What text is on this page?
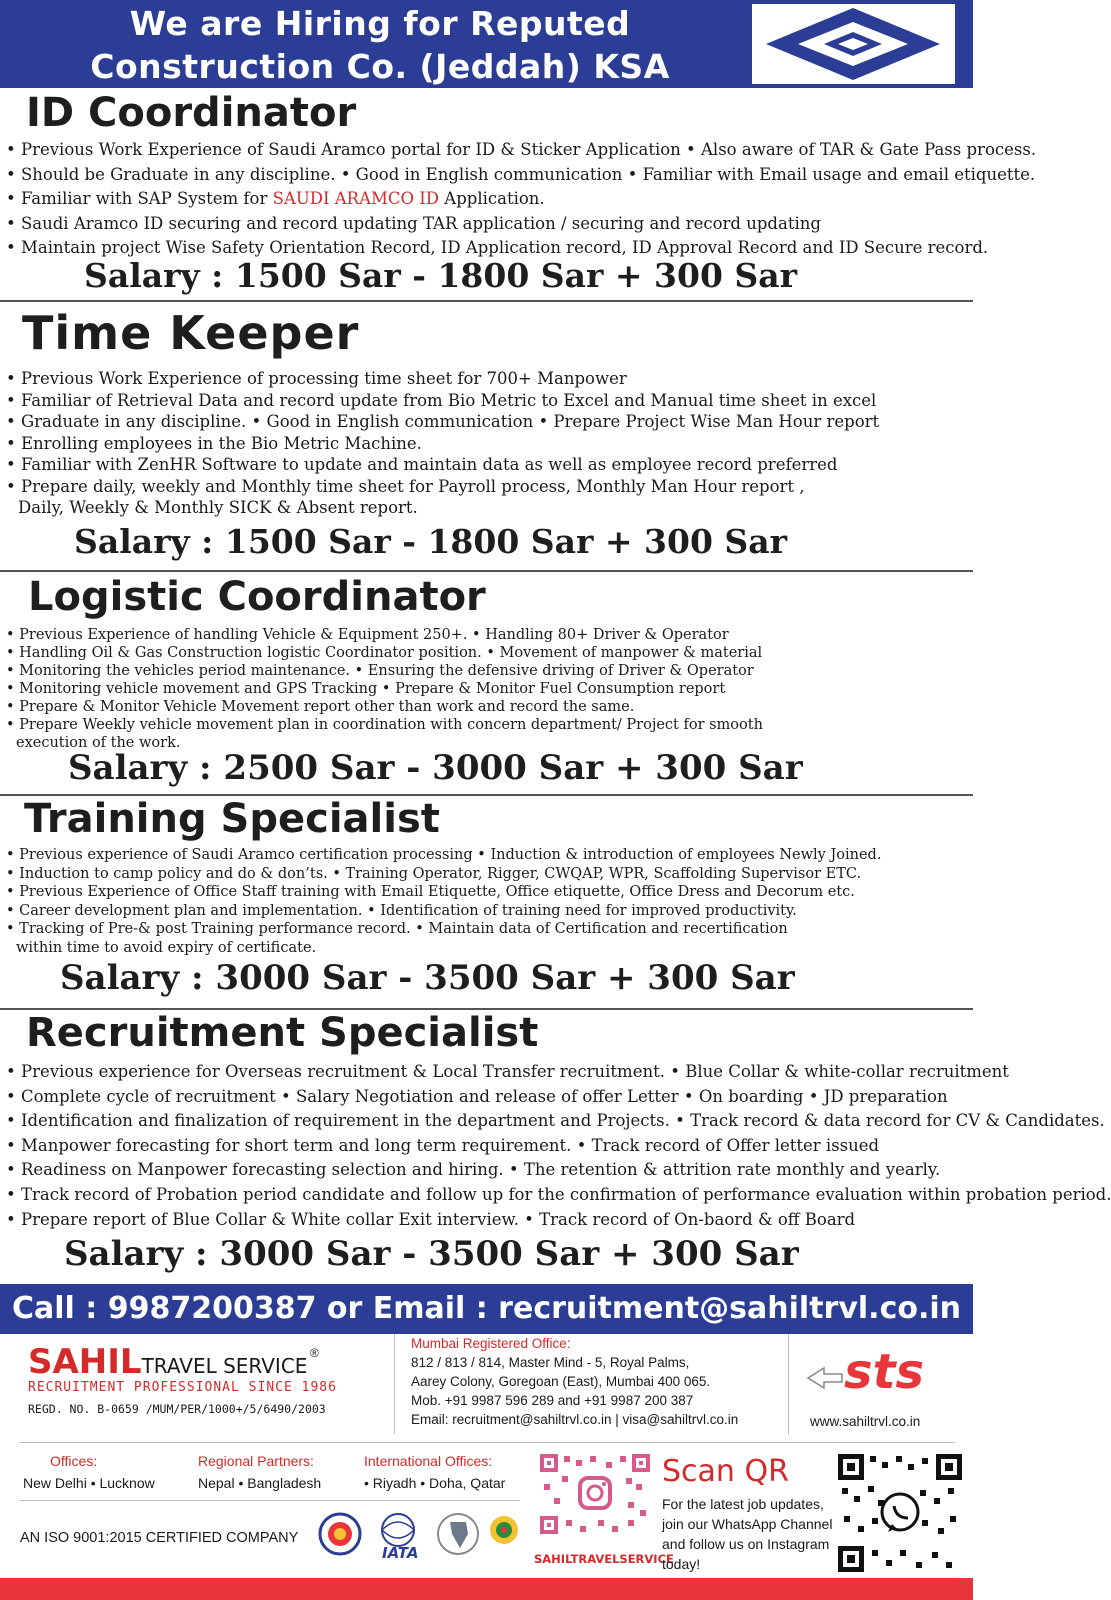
We are Hiring for Reputed
Construction Co. (Jeddah) KSA
ID Coordinator
• Previous Work Experience of Saudi Aramco portal for ID & Sticker Application • Also aware of TAR & Gate Pass process.
• Should be Graduate in any discipline. • Good in English communication • Familiar with Email usage and email etiquette.
• Familiar with SAP System for SAUDI ARAMCO ID Application.
• Saudi Aramco ID securing and record updating TAR application / securing and record updating
• Maintain project Wise Safety Orientation Record, ID Application record, ID Approval Record and ID Secure record.
Salary : 1500 Sar - 1800 Sar + 300 Sar
Time Keeper
• Previous Work Experience of processing time sheet for 700+ Manpower
• Familiar of Retrieval Data and record update from Bio Metric to Excel and Manual time sheet in excel
• Graduate in any discipline. • Good in English communication • Prepare Project Wise Man Hour report
• Enrolling employees in the Bio Metric Machine.
• Familiar with ZenHR Software to update and maintain data as well as employee record preferred
• Prepare daily, weekly and Monthly time sheet for Payroll process, Monthly Man Hour report ,
Daily, Weekly & Monthly SICK & Absent report.
Salary : 1500 Sar - 1800 Sar + 300 Sar
Logistic Coordinator
• Previous Experience of handling Vehicle & Equipment 250+. • Handling 80+ Driver & Operator
• Handling Oil & Gas Construction logistic Coordinator position. • Movement of manpower & material
• Monitoring the vehicles period maintenance. • Ensuring the defensive driving of Driver & Operator
• Monitoring vehicle movement and GPS Tracking • Prepare & Monitor Fuel Consumption report
• Prepare & Monitor Vehicle Movement report other than work and record the same.
• Prepare Weekly vehicle movement plan in coordination with concern department/ Project for smooth
execution of the work.
Salary : 2500 Sar - 3000 Sar + 300 Sar
Training Specialist
• Previous experience of Saudi Aramco certification processing • Induction & introduction of employees Newly Joined.
• Induction to camp policy and do & don’ts. • Training Operator, Rigger, CWQAP, WPR, Scaffolding Supervisor ETC.
• Previous Experience of Office Staff training with Email Etiquette, Office etiquette, Office Dress and Decorum etc.
• Career development plan and implementation. • Identification of training need for improved productivity.
• Tracking of Pre-& post Training performance record. • Maintain data of Certification and recertification
within time to avoid expiry of certificate.
Salary : 3000 Sar - 3500 Sar + 300 Sar
Recruitment Specialist
• Previous experience for Overseas recruitment & Local Transfer recruitment. • Blue Collar & white-collar recruitment
• Complete cycle of recruitment • Salary Negotiation and release of offer Letter • On boarding • JD preparation
• Identification and finalization of requirement in the department and Projects. • Track record & data record for CV & Candidates.
• Manpower forecasting for short term and long term requirement. • Track record of Offer letter issued
• Readiness on Manpower forecasting selection and hiring. • The retention & attrition rate monthly and yearly.
• Track record of Probation period candidate and follow up for the confirmation of performance evaluation within probation period.
• Prepare report of Blue Collar & White collar Exit interview. • Track record of On-baord & off Board
Salary : 3000 Sar - 3500 Sar + 300 Sar
Call : 9987200387 or Email : recruitment@sahiltrvl.co.in
SAHILTRAVEL SERVICE
®
RECRUITMENT PROFESSIONAL SINCE 1986
REGD. NO. B-0659 /MUM/PER/1000+/5/6490/2003
Mumbai Registered Office:
812 / 813 / 814, Master Mind - 5, Royal Palms,
Aarey Colony, Goregoan (East), Mumbai 400 065.
Mob. +91 9987 596 289 and +91 9987 200 387
Email: recruitment@sahiltrvl.co.in | visa@sahiltrvl.co.in
sts
www.sahiltrvl.co.in
Offices:
New Delhi • Lucknow
Regional Partners:
Nepal • Bangladesh
International Offices:
• Riyadh • Doha, Qatar
AN ISO 9001:2015 CERTIFIED COMPANY
IATA	SAHILTRAVELSERVICE
Scan QR
For the latest job updates, join our WhatsApp Channel and follow us on Instagram today!
